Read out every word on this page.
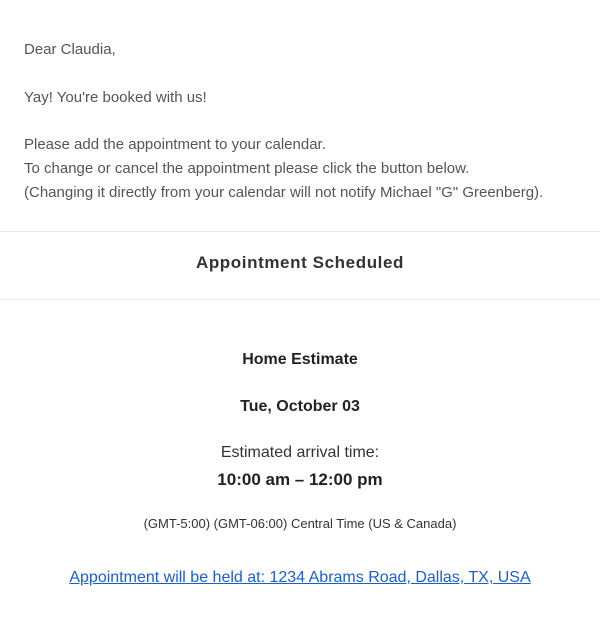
Dear Claudia,
Yay! You're booked with us!
Please add the appointment to your calendar.
To change or cancel the appointment please click the button below.
(Changing it directly from your calendar will not notify Michael "G" Greenberg).
Appointment Scheduled
Home Estimate
Tue, October 03
Estimated arrival time:
10:00 am – 12:00 pm
(GMT-5:00) (GMT-06:00) Central Time (US & Canada)
Appointment will be held at: 1234 Abrams Road, Dallas, TX, USA
